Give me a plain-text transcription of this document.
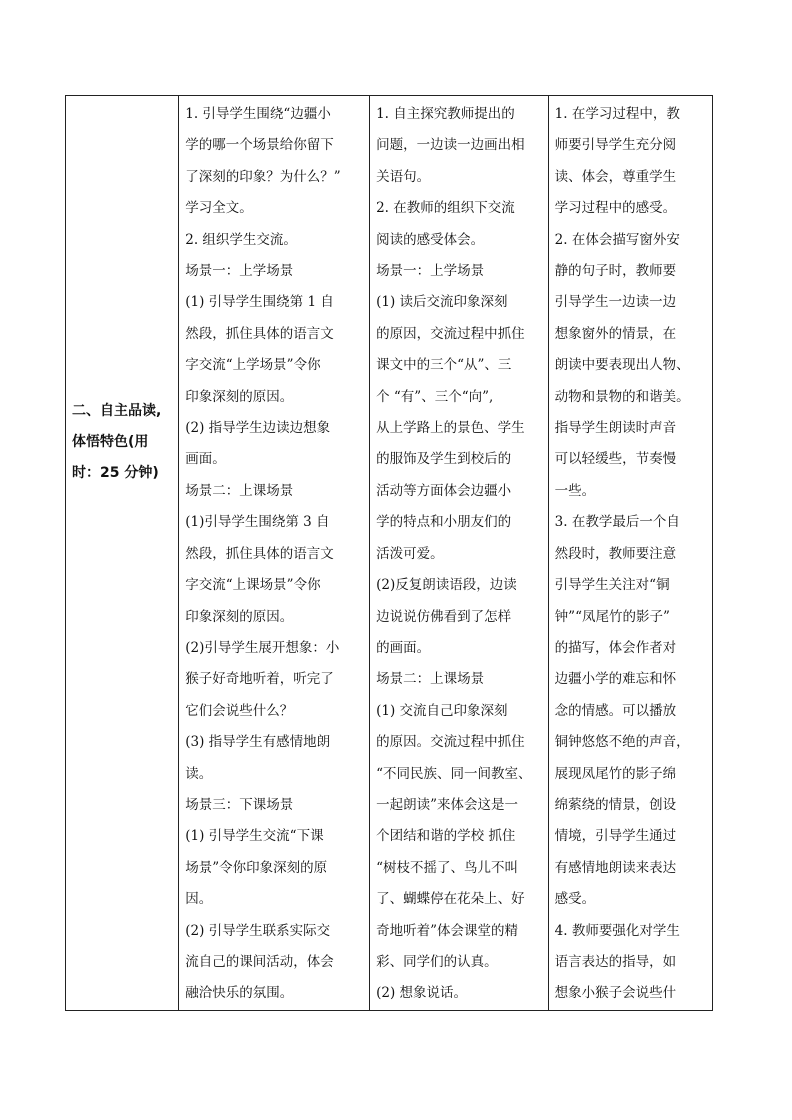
二、自主品读,
体悟特色(用
时：25 分钟)

1. 引导学生围绕“边疆小
学的哪一个场景给你留下
了深刻的印象？为什么？”
学习全文。
2. 组织学生交流。
场景一：上学场景
(1) 引导学生围绕第 1 自
然段，抓住具体的语言文
字交流“上学场景”令你
印象深刻的原因。
(2) 指导学生边读边想象
画面。
场景二：上课场景
(1)引导学生围绕第 3 自
然段，抓住具体的语言文
字交流“上课场景”令你
印象深刻的原因。
(2)引导学生展开想象：小
猴子好奇地听着，听完了
它们会说些什么？
(3) 指导学生有感情地朗
读。
场景三：下课场景
(1) 引导学生交流“下课
场景”令你印象深刻的原
因。
(2) 引导学生联系实际交
流自己的课间活动，体会
融洽快乐的氛围。

1. 自主探究教师提出的
问题，一边读一边画出相
关语句。
2. 在教师的组织下交流
阅读的感受体会。
场景一：上学场景
(1) 读后交流印象深刻
的原因，交流过程中抓住
课文中的三个“从”、三
个 “有”、三个“向”,
从上学路上的景色、学生
的服饰及学生到校后的
活动等方面体会边疆小
学的特点和小朋友们的
活泼可爱。
(2)反复朗读语段，边读
边说说仿佛看到了怎样
的画面。
场景二：上课场景
(1) 交流自己印象深刻
的原因。交流过程中抓住
“不同民族、同一间教室、
一起朗读”来体会这是一
个团结和谐的学校 抓住
“树枝不摇了、鸟儿不叫
了、蝴蝶停在花朵上、好
奇地听着”体会课堂的精
彩、同学们的认真。
(2) 想象说话。

1. 在学习过程中，教
师要引导学生充分阅
读、体会，尊重学生
学习过程中的感受。
2. 在体会描写窗外安
静的句子时，教师要
引导学生一边读一边
想象窗外的情景，在
朗读中要表现出人物、
动物和景物的和谐美。
指导学生朗读时声音
可以轻缓些，节奏慢
一些。
3. 在教学最后一个自
然段时，教师要注意
引导学生关注对“铜
钟”“凤尾竹的影子”
的描写，体会作者对
边疆小学的难忘和怀
念的情感。可以播放
铜钟悠悠不绝的声音，
展现凤尾竹的影子绵
绵萦绕的情景，创设
情境，引导学生通过
有感情地朗读来表达
感受。
4. 教师要强化对学生
语言表达的指导，如
想象小猴子会说些什
